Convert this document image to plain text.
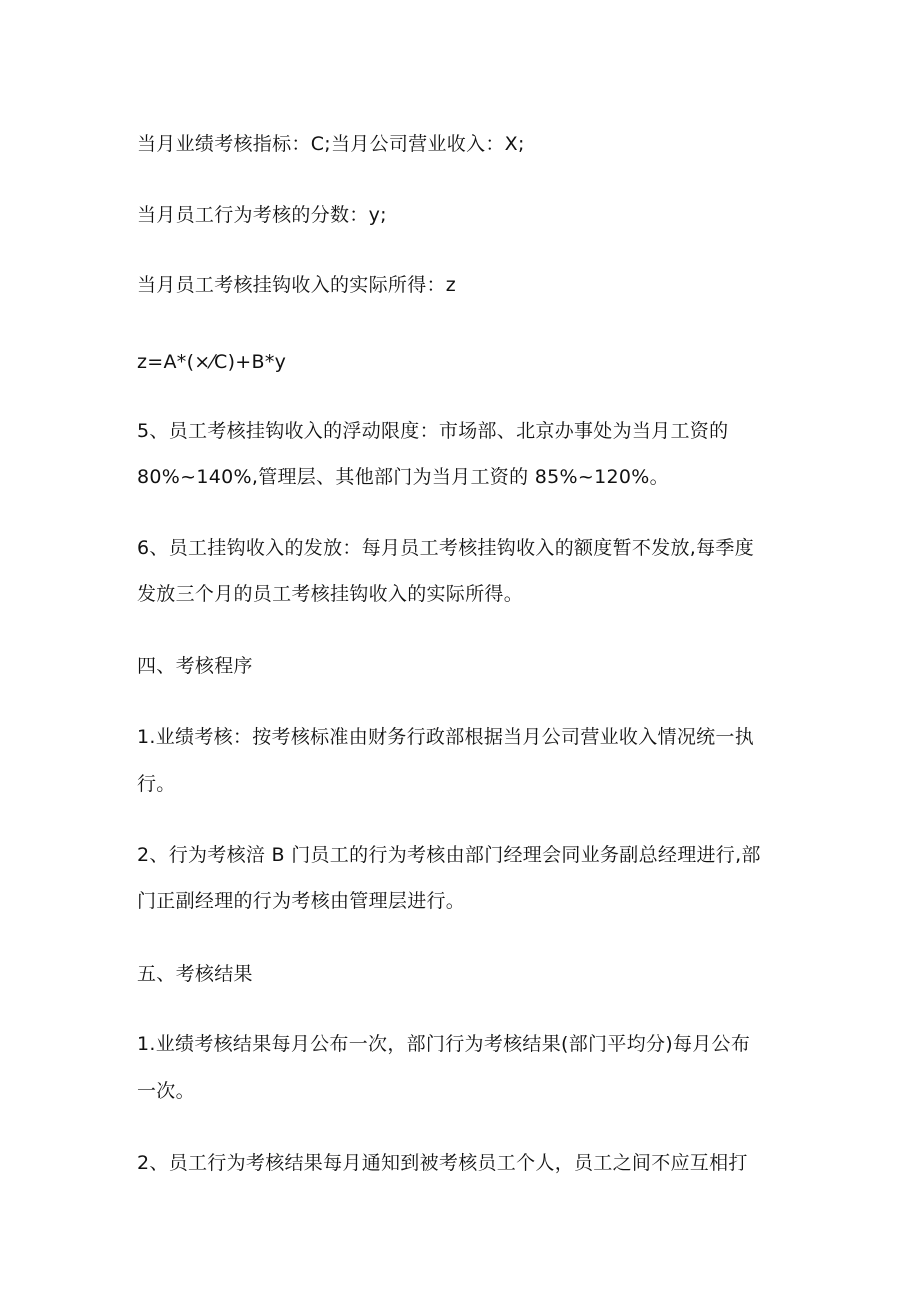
当月业绩考核指标：C;当月公司营业收入：X;
当月员工行为考核的分数：y;
当月员工考核挂钩收入的实际所得：z
z=A*(×⁄C)+B*y
5、员工考核挂钩收入的浮动限度：市场部、北京办事处为当月工资的
80%~140%,管理层、其他部门为当月工资的 85%~120%。
6、员工挂钩收入的发放：每月员工考核挂钩收入的额度暂不发放,每季度
发放三个月的员工考核挂钩收入的实际所得。
四、考核程序
1.业绩考核：按考核标准由财务行政部根据当月公司营业收入情况统一执
行。
2、行为考核涪 B 门员工的行为考核由部门经理会同业务副总经理进行,部
门正副经理的行为考核由管理层进行。
五、考核结果
1.业绩考核结果每月公布一次，部门行为考核结果(部门平均分)每月公布
一次。
2、员工行为考核结果每月通知到被考核员工个人，员工之间不应互相打
